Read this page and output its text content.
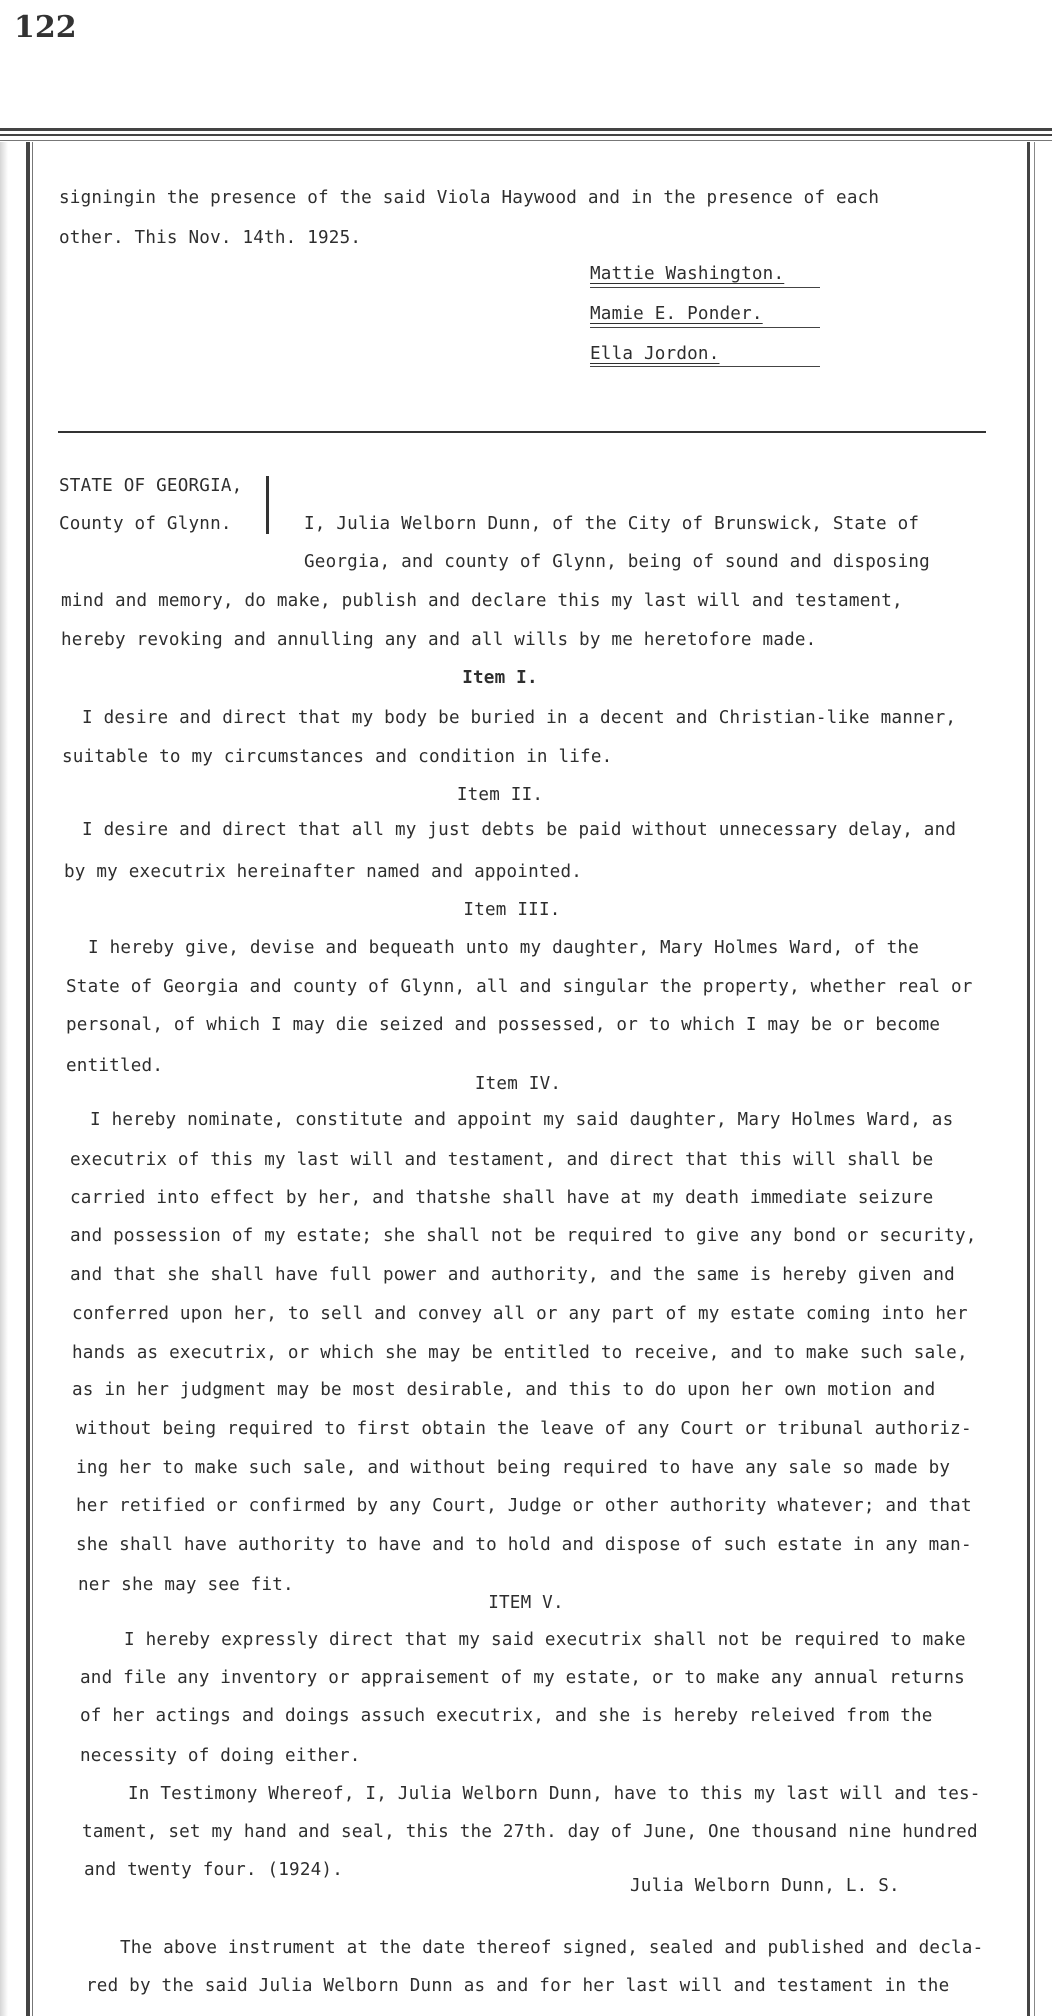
122
signingin the presence of the said Viola Haywood and in the presence of each
other. This Nov. 14th. 1925.
Mattie Washington.
Mamie E. Ponder.
Ella Jordon.
STATE OF GEORGIA,
County of Glynn.	I, Julia Welborn Dunn, of the City of Brunswick, State of
Georgia, and county of Glynn, being of sound and disposing
mind and memory, do make, publish and declare this my last will and testament,
hereby revoking and annulling any and all wills by me heretofore made.
Item I.
I desire and direct that my body be buried in a decent and Christian-like manner,
suitable to my circumstances and condition in life.
Item II.
I desire and direct that all my just debts be paid without unnecessary delay, and
by my executrix hereinafter named and appointed.
Item III.
I hereby give, devise and bequeath unto my daughter, Mary Holmes Ward, of the
State of Georgia and county of Glynn, all and singular the property, whether real or
personal, of which I may die seized and possessed, or to which I may be or become
entitled.
Item IV.
I hereby nominate, constitute and appoint my said daughter, Mary Holmes Ward, as
executrix of this my last will and testament, and direct that this will shall be
carried into effect by her, and thatshe shall have at my death immediate seizure
and possession of my estate; she shall not be required to give any bond or security,
and that she shall have full power and authority, and the same is hereby given and
conferred upon her, to sell and convey all or any part of my estate coming into her
hands as executrix, or which she may be entitled to receive, and to make such sale,
as in her judgment may be most desirable, and this to do upon her own motion and
without being required to first obtain the leave of any Court or tribunal authoriz-
ing her to make such sale, and without being required to have any sale so made by
her retified or confirmed by any Court, Judge or other authority whatever; and that
she shall have authority to have and to hold and dispose of such estate in any man-
ner she may see fit.
ITEM V.
I hereby expressly direct that my said executrix shall not be required to make
and file any inventory or appraisement of my estate, or to make any annual returns
of her actings and doings assuch executrix, and she is hereby releived from the
necessity of doing either.
In Testimony Whereof, I, Julia Welborn Dunn, have to this my last will and tes-
tament, set my hand and seal, this the 27th. day of June, One thousand nine hundred
and twenty four. (1924).
Julia Welborn Dunn, L. S.
The above instrument at the date thereof signed, sealed and published and decla-
red by the said Julia Welborn Dunn as and for her last will and testament in the
